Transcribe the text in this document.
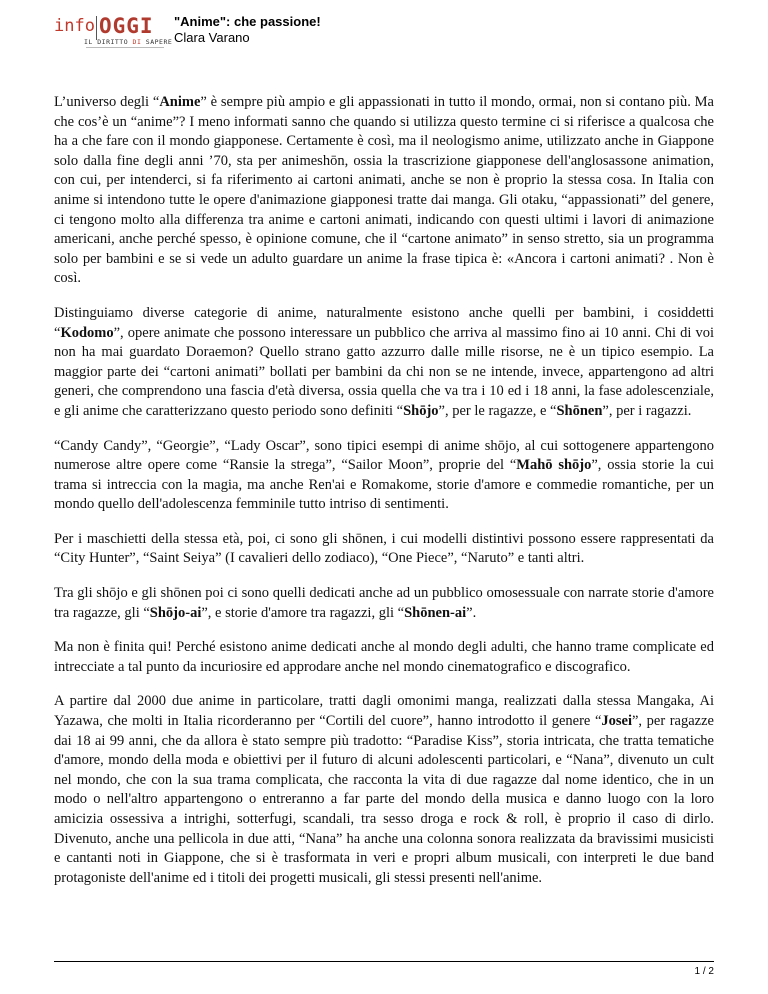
info OGGI
IL DIRITTO DI SAPERE
"Anime": che passione!
Clara Varano

L’universo degli “Anime” è sempre più ampio e gli appassionati in tutto il mondo, ormai, non si contano più. Ma che cos’è un “anime”? I meno informati sanno che quando si utilizza questo termine ci si riferisce a qualcosa che ha a che fare con il mondo giapponese. Certamente è così, ma il neologismo anime, utilizzato anche in Giappone solo dalla fine degli anni ’70, sta per animeshōn, ossia la trascrizione giapponese dell'anglosassone animation, con cui, per intenderci, si fa riferimento ai cartoni animati, anche se non è proprio la stessa cosa. In Italia con anime si intendono tutte le opere d'animazione giapponesi tratte dai manga. Gli otaku, “appassionati” del genere, ci tengono molto alla differenza tra anime e cartoni animati, indicando con questi ultimi i lavori di animazione americani, anche perché spesso, è opinione comune, che il “cartone animato” in senso stretto, sia un programma solo per bambini e se si vede un adulto guardare un anime la frase tipica è: «Ancora i cartoni animati? . Non è così.

Distinguiamo diverse categorie di anime, naturalmente esistono anche quelli per bambini, i cosiddetti “Kodomo”, opere animate che possono interessare un pubblico che arriva al massimo fino ai 10 anni. Chi di voi non ha mai guardato Doraemon? Quello strano gatto azzurro dalle mille risorse, ne è un tipico esempio. La maggior parte dei “cartoni animati” bollati per bambini da chi non se ne intende, invece, appartengono ad altri generi, che comprendono una fascia d'età diversa, ossia quella che va tra i 10 ed i 18 anni, la fase adolescenziale, e gli anime che caratterizzano questo periodo sono definiti “Shōjo”, per le ragazze, e “Shōnen”, per i ragazzi.

“Candy Candy”, “Georgie”, “Lady Oscar”, sono tipici esempi di anime shōjo, al cui sottogenere appartengono numerose altre opere come “Ransie la strega”, “Sailor Moon”, proprie del “Mahō shōjo”, ossia storie la cui trama si intreccia con la magia, ma anche Ren'ai e Romakome, storie d'amore e commedie romantiche, per un mondo quello dell'adolescenza femminile tutto intriso di sentimenti.

Per i maschietti della stessa età, poi, ci sono gli shōnen, i cui modelli distintivi possono essere rappresentati da “City Hunter”, “Saint Seiya” (I cavalieri dello zodiaco), “One Piece”, “Naruto” e tanti altri.

Tra gli shōjo e gli shōnen poi ci sono quelli dedicati anche ad un pubblico omosessuale con narrate storie d'amore tra ragazze, gli “Shōjo-ai”, e storie d'amore tra ragazzi, gli “Shōnen-ai”.

Ma non è finita qui! Perché esistono anime dedicati anche al mondo degli adulti, che hanno trame complicate ed intrecciate a tal punto da incuriosire ed approdare anche nel mondo cinematografico e discografico.

A partire dal 2000 due anime in particolare, tratti dagli omonimi manga, realizzati dalla stessa Mangaka, Ai Yazawa, che molti in Italia ricorderanno per “Cortili del cuore”, hanno introdotto il genere “Josei”, per ragazze dai 18 ai 99 anni, che da allora è stato sempre più tradotto: “Paradise Kiss”, storia intricata, che tratta tematiche d'amore, mondo della moda e obiettivi per il futuro di alcuni adolescenti particolari, e “Nana”, divenuto un cult nel mondo, che con la sua trama complicata, che racconta la vita di due ragazze dal nome identico, che in un modo o nell'altro appartengono o entreranno a far parte del mondo della musica e danno luogo con la loro amicizia ossessiva a intrighi, sotterfugi, scandali, tra sesso droga e rock & roll, è proprio il caso di dirlo. Divenuto, anche una pellicola in due atti, “Nana” ha anche una colonna sonora realizzata da bravissimi musicisti e cantanti noti in Giappone, che si è trasformata in veri e propri album musicali, con interpreti le due band protagoniste dell'anime ed i titoli dei progetti musicali, gli stessi presenti nell'anime.

1 / 2
